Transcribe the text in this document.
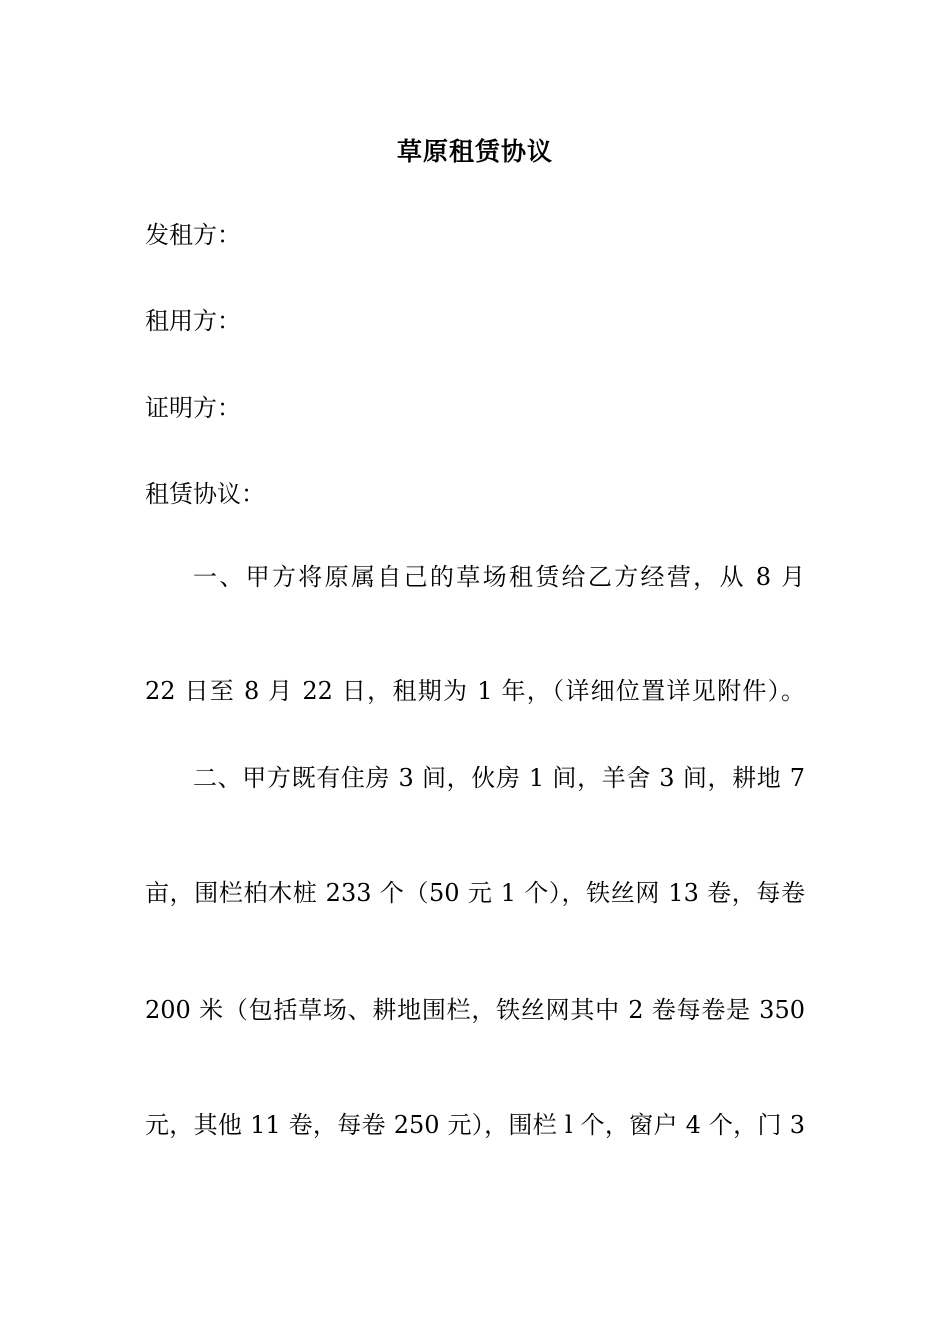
草原租赁协议
发租方：
租用方：
证明方：
租赁协议：
一、甲方将原属自己的草场租赁给乙方经营，从 8 月
22 日至 8 月 22 日，租期为 1 年，（详细位置详见附件）。
二、甲方既有住房 3 间，伙房 1 间，羊舍 3 间，耕地 7
亩，围栏柏木桩 233 个（50 元 1 个），铁丝网 13 卷，每卷
200 米（包括草场、耕地围栏，铁丝网其中 2 卷每卷是 350
元，其他 11 卷，每卷 250 元），围栏 l 个，窗户 4 个，门 3
